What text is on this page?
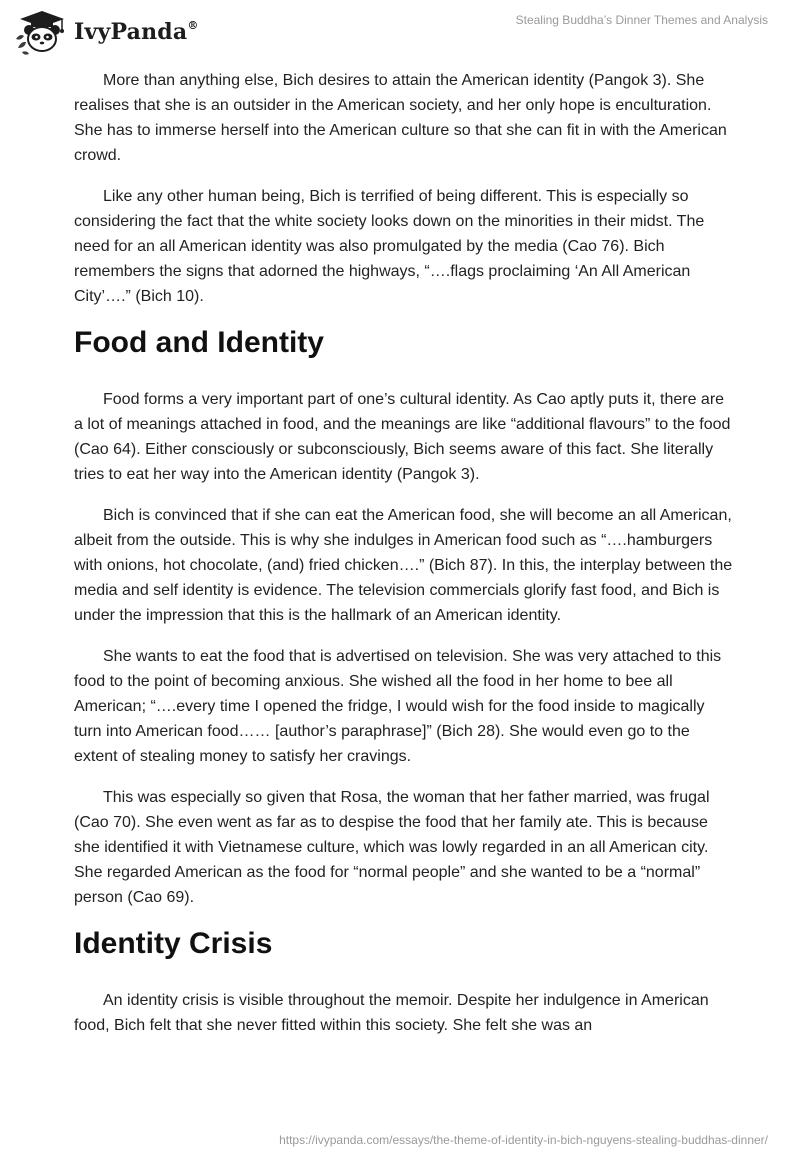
IvyPanda®	Stealing Buddha’s Dinner Themes and Analysis

More than anything else, Bich desires to attain the American identity (Pangok 3). She realises that she is an outsider in the American society, and her only hope is enculturation. She has to immerse herself into the American culture so that she can fit in with the American crowd.

Like any other human being, Bich is terrified of being different. This is especially so considering the fact that the white society looks down on the minorities in their midst. The need for an all American identity was also promulgated by the media (Cao 76). Bich remembers the signs that adorned the highways, “….flags proclaiming ‘An All American City’….” (Bich 10).

Food and Identity

Food forms a very important part of one’s cultural identity. As Cao aptly puts it, there are a lot of meanings attached in food, and the meanings are like “additional flavours” to the food (Cao 64). Either consciously or subconsciously, Bich seems aware of this fact. She literally tries to eat her way into the American identity (Pangok 3).

Bich is convinced that if she can eat the American food, she will become an all American, albeit from the outside. This is why she indulges in American food such as “….hamburgers with onions, hot chocolate, (and) fried chicken….” (Bich 87). In this, the interplay between the media and self identity is evidence. The television commercials glorify fast food, and Bich is under the impression that this is the hallmark of an American identity.

She wants to eat the food that is advertised on television. She was very attached to this food to the point of becoming anxious. She wished all the food in her home to bee all American; “….every time I opened the fridge, I would wish for the food inside to magically turn into American food…… [author’s paraphrase]” (Bich 28). She would even go to the extent of stealing money to satisfy her cravings.

This was especially so given that Rosa, the woman that her father married, was frugal (Cao 70). She even went as far as to despise the food that her family ate. This is because she identified it with Vietnamese culture, which was lowly regarded in an all American city. She regarded American as the food for “normal people” and she wanted to be a “normal” person (Cao 69).

Identity Crisis

An identity crisis is visible throughout the memoir. Despite her indulgence in American food, Bich felt that she never fitted within this society. She felt she was an

https://ivypanda.com/essays/the-theme-of-identity-in-bich-nguyens-stealing-buddhas-dinner/
